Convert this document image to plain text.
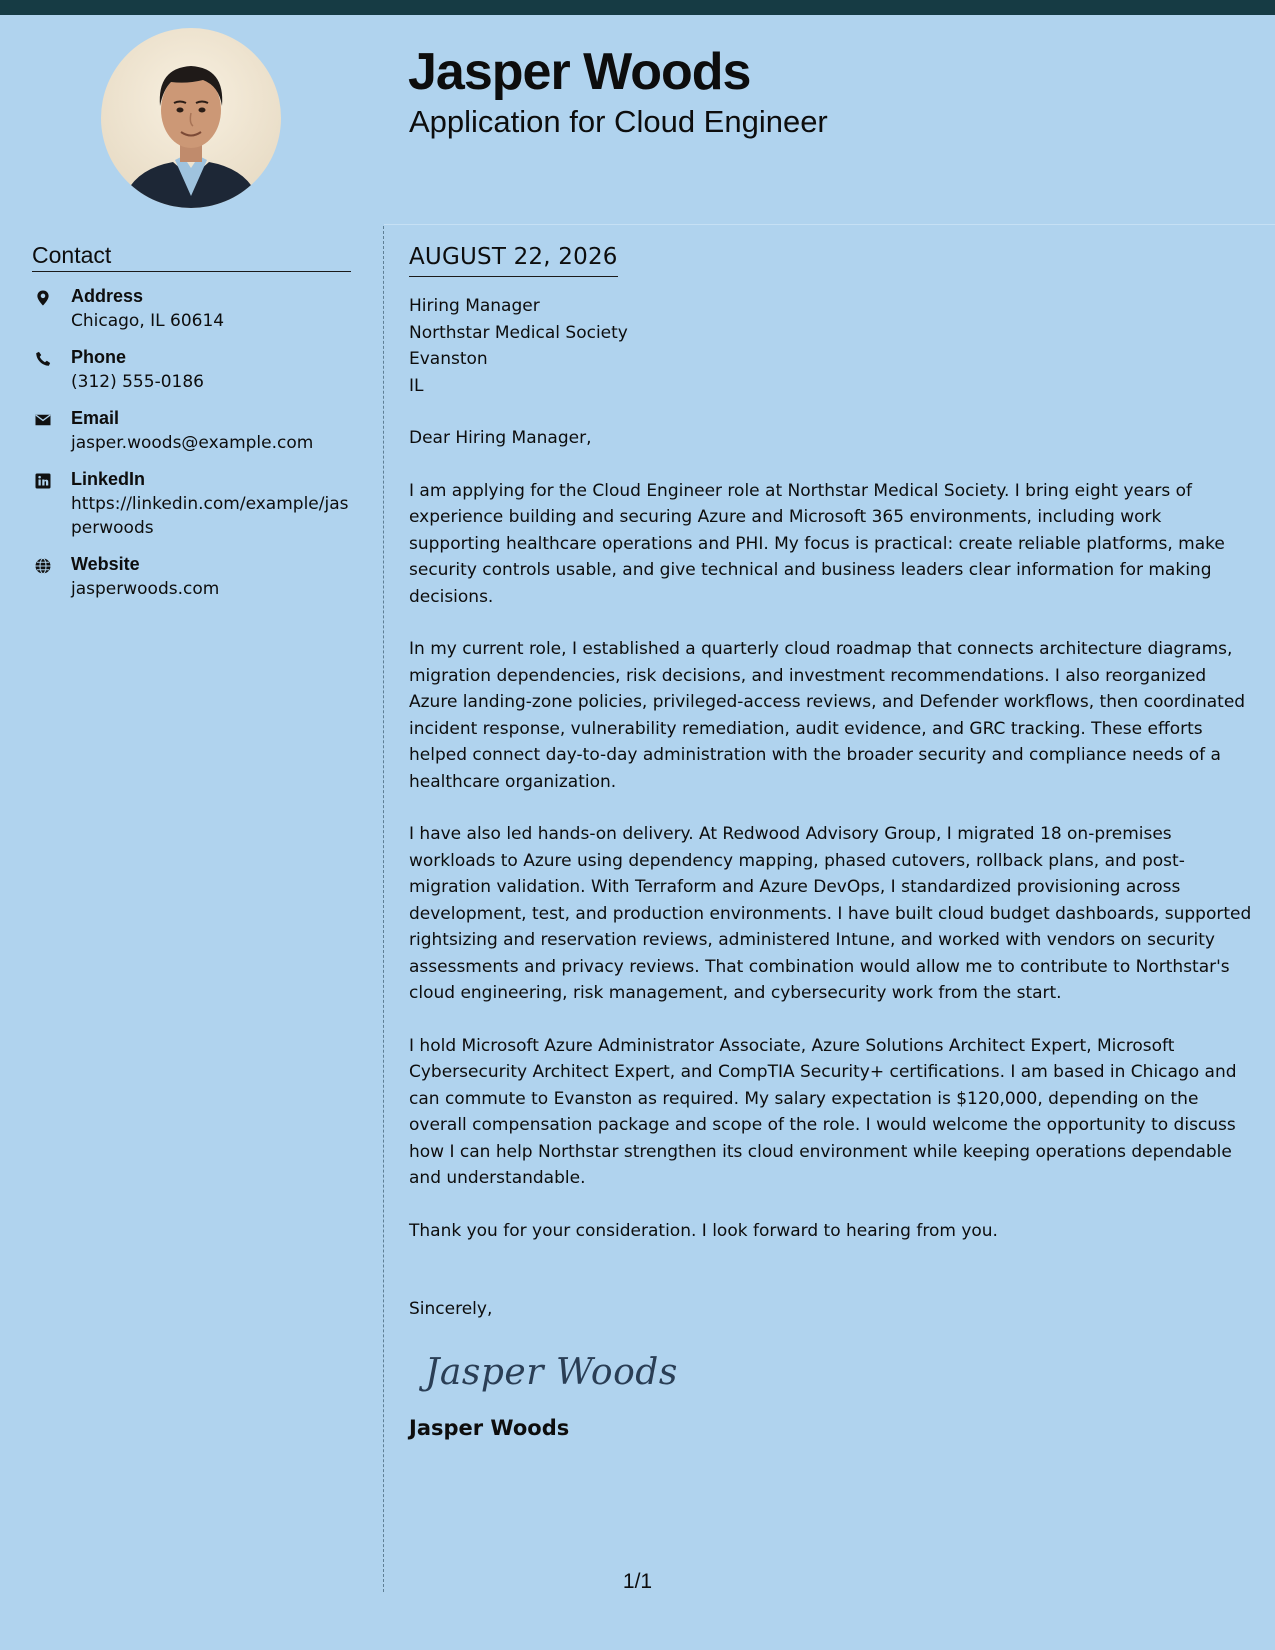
Jasper Woods
Application for Cloud Engineer
Contact
Address
Chicago, IL 60614
Phone
(312) 555-0186
Email
jasper.woods@example.com
LinkedIn
https://linkedin.com/example/jasperwoods
Website
jasperwoods.com
AUGUST 22, 2026
Hiring Manager
Northstar Medical Society
Evanston
IL
Dear Hiring Manager,
I am applying for the Cloud Engineer role at Northstar Medical Society. I bring eight years of experience building and securing Azure and Microsoft 365 environments, including work supporting healthcare operations and PHI. My focus is practical: create reliable platforms, make security controls usable, and give technical and business leaders clear information for making decisions.
In my current role, I established a quarterly cloud roadmap that connects architecture diagrams, migration dependencies, risk decisions, and investment recommendations. I also reorganized Azure landing-zone policies, privileged-access reviews, and Defender workflows, then coordinated incident response, vulnerability remediation, audit evidence, and GRC tracking. These efforts helped connect day-to-day administration with the broader security and compliance needs of a healthcare organization.
I have also led hands-on delivery. At Redwood Advisory Group, I migrated 18 on-premises workloads to Azure using dependency mapping, phased cutovers, rollback plans, and post-migration validation. With Terraform and Azure DevOps, I standardized provisioning across development, test, and production environments. I have built cloud budget dashboards, supported rightsizing and reservation reviews, administered Intune, and worked with vendors on security assessments and privacy reviews. That combination would allow me to contribute to Northstar's cloud engineering, risk management, and cybersecurity work from the start.
I hold Microsoft Azure Administrator Associate, Azure Solutions Architect Expert, Microsoft Cybersecurity Architect Expert, and CompTIA Security+ certifications. I am based in Chicago and can commute to Evanston as required. My salary expectation is $120,000, depending on the overall compensation package and scope of the role. I would welcome the opportunity to discuss how I can help Northstar strengthen its cloud environment while keeping operations dependable and understandable.
Thank you for your consideration. I look forward to hearing from you.
Sincerely,
Jasper Woods
Jasper Woods
1/1
